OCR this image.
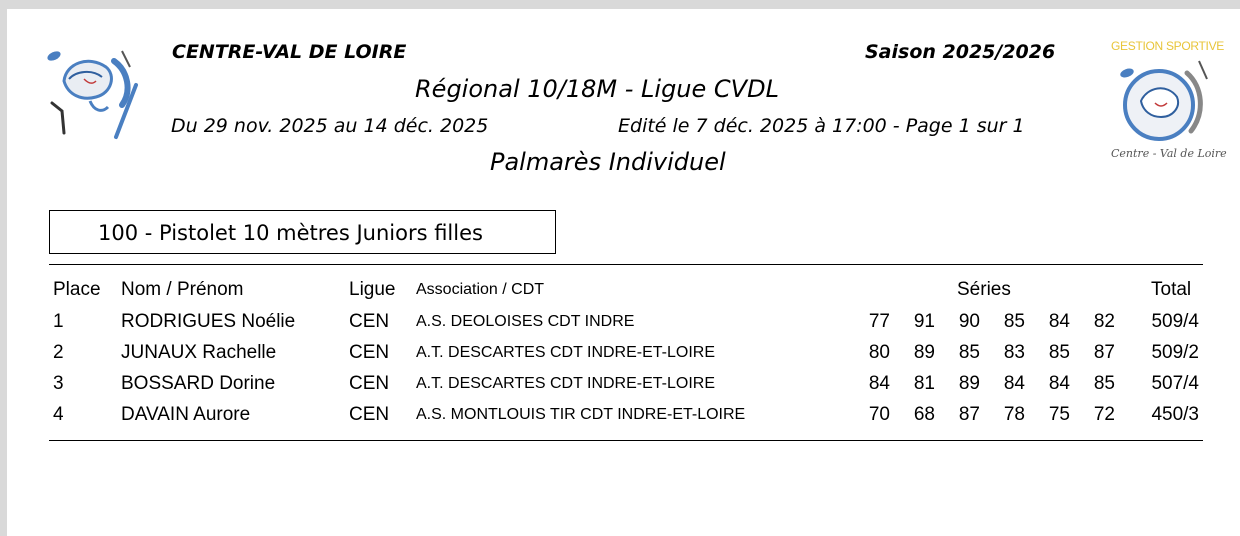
GESTION SPORTIVE
Centre - Val de Loire
CENTRE-VAL DE LOIRE	Saison 2025/2026
Régional 10/18M - Ligue CVDL
Du 29 nov. 2025 au 14 déc. 2025	Edité le 7 déc. 2025 à 17:00 - Page 1 sur 1
Palmarès Individuel
100 - Pistolet 10 mètres Juniors filles
Place Nom / Prénom	Ligue Association / CDT	Séries	Total
1	RODRIGUES Noélie	CEN A.S. DEOLOISES CDT INDRE	77	91	90	85	84	82	509/4
2	JUNAUX Rachelle	CEN A.T. DESCARTES CDT INDRE-ET-LOIRE	80	89	85	83	85	87	509/2
3	BOSSARD Dorine	CEN A.T. DESCARTES CDT INDRE-ET-LOIRE	84	81	89	84	84	85	507/4
4	DAVAIN Aurore	CEN A.S. MONTLOUIS TIR CDT INDRE-ET-LOIRE	70	68	87	78	75	72	450/3
